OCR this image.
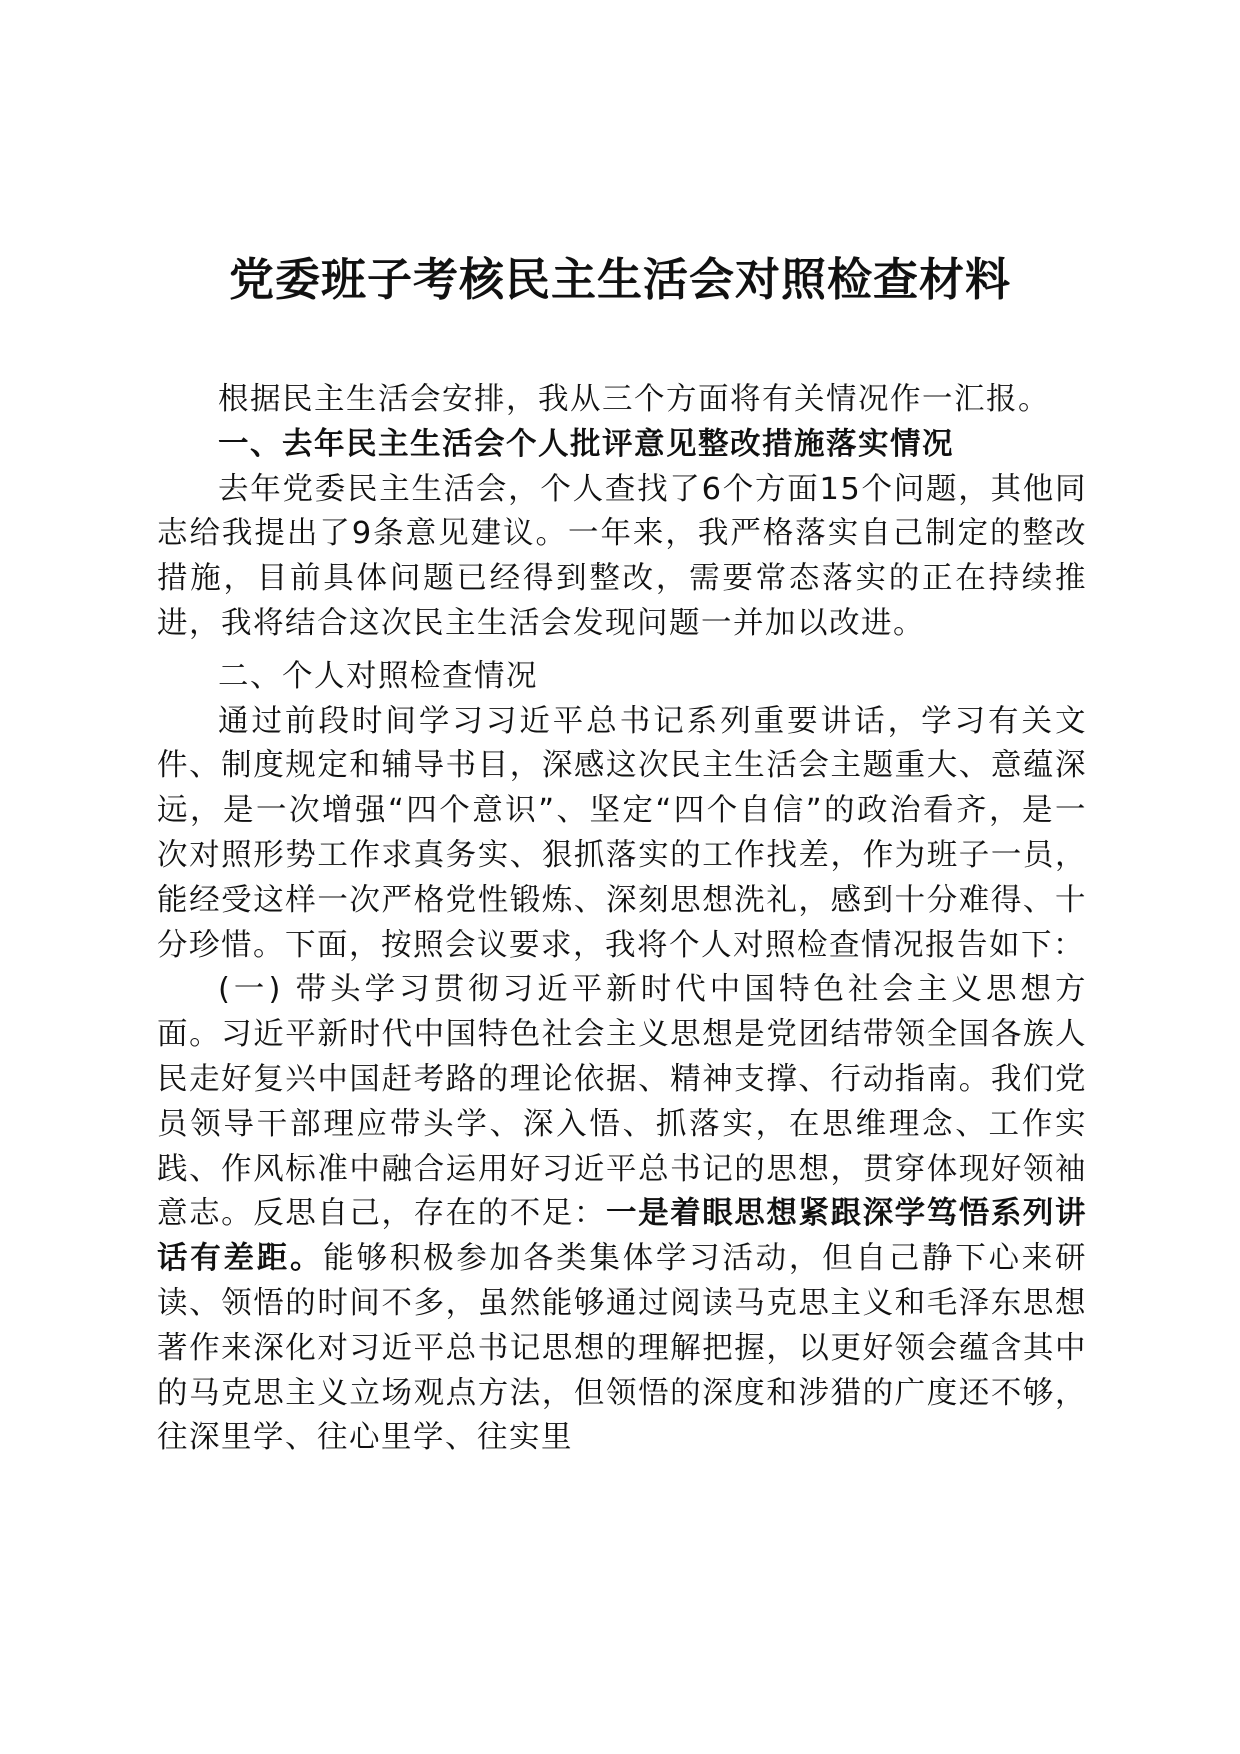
党委班子考核民主生活会对照检查材料

根据民主生活会安排，我从三个方面将有关情况作一汇报。

一、去年民主生活会个人批评意见整改措施落实情况

去年党委民主生活会，个人查找了6个方面15个问题，其他同志给我提出了9条意见建议。一年来，我严格落实自己制定的整改措施，目前具体问题已经得到整改，需要常态落实的正在持续推进，我将结合这次民主生活会发现问题一并加以改进。

二、个人对照检查情况

通过前段时间学习习近平总书记系列重要讲话，学习有关文件、制度规定和辅导书目，深感这次民主生活会主题重大、意蕴深远，是一次增强“四个意识”、坚定“四个自信”的政治看齐，是一次对照形势工作求真务实、狠抓落实的工作找差，作为班子一员，能经受这样一次严格党性锻炼、深刻思想洗礼，感到十分难得、十分珍惜。下面，按照会议要求，我将个人对照检查情况报告如下：

(一) 带头学习贯彻习近平新时代中国特色社会主义思想方面。习近平新时代中国特色社会主义思想是党团结带领全国各族人民走好复兴中国赶考路的理论依据、精神支撑、行动指南。我们党员领导干部理应带头学、深入悟、抓落实，在思维理念、工作实践、作风标准中融合运用好习近平总书记的思想，贯穿体现好领袖意志。反思自己，存在的不足：一是着眼思想紧跟深学笃悟系列讲话有差距。能够积极参加各类集体学习活动，但自己静下心来研读、领悟的时间不多，虽然能够通过阅读马克思主义和毛泽东思想著作来深化对习近平总书记思想的理解把握，以更好领会蕴含其中的马克思主义立场观点方法，但领悟的深度和涉猎的广度还不够，往深里学、往心里学、往实里
